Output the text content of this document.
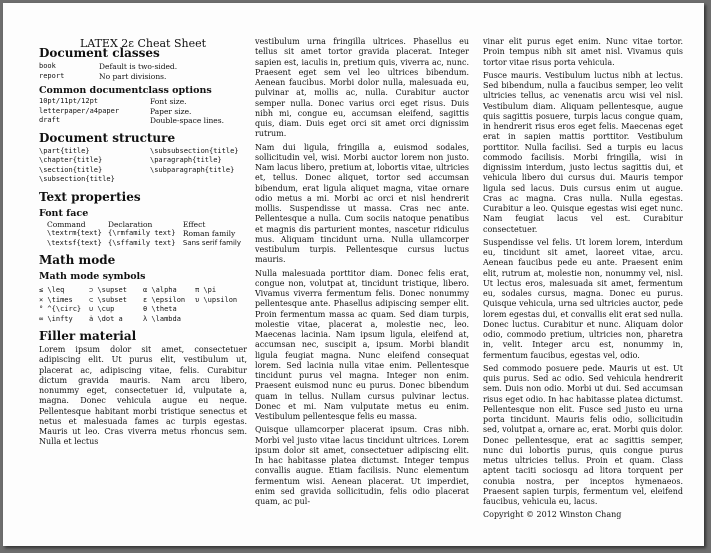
LATEX 2ε Cheat Sheet
Document classes
book	Default is two-sided.
report	No part divisions.
Common documentclass options
10pt/11pt/12pt	Font size.
letterpaper/a4paper	Paper size.
draft	Double-space lines.
Document structure
\part{title}	\subsubsection{title}
\chapter{title}	\paragraph{title}
\section{title}	\subparagraph{title}
\subsection{title}	
Text properties
Font face
Command	Declaration	Effect
\textrm{text}	{\rmfamily text}	Roman family
\textsf{text}	{\sffamily text}	Sans serif family
Math mode
Math mode symbols
≤ \leq	⊃ \supset	α \alpha	π \pi
× \times	⊂ \subset	ε \epsilon	υ \upsilon
° ^{\circ}	∪ \cup	θ \theta	
∞ \infty	ȧ \dot a	λ \lambda	
Filler material

Lorem ipsum dolor sit amet, consectetuer adipiscing elit. Ut purus elit, vestibulum ut, placerat ac, adipiscing vitae, felis. Curabitur dictum gravida mauris. Nam arcu libero, nonummy eget, consectetuer id, vulputate a, magna. Donec vehicula augue eu neque. Pellentesque habitant morbi tristique senectus et netus et malesuada fames ac turpis egestas. Mauris ut leo. Cras viverra metus rhoncus sem. Nulla et lectus

vestibulum urna fringilla ultrices. Phasellus eu tellus sit amet tortor gravida placerat. Integer sapien est, iaculis in, pretium quis, viverra ac, nunc. Praesent eget sem vel leo ultrices bibendum. Aenean faucibus. Morbi dolor nulla, malesuada eu, pulvinar at, mollis ac, nulla. Curabitur auctor semper nulla. Donec varius orci eget risus. Duis nibh mi, congue eu, accumsan eleifend, sagittis quis, diam. Duis eget orci sit amet orci dignissim rutrum.

Nam dui ligula, fringilla a, euismod sodales, sollicitudin vel, wisi. Morbi auctor lorem non justo. Nam lacus libero, pretium at, lobortis vitae, ultricies et, tellus. Donec aliquet, tortor sed accumsan bibendum, erat ligula aliquet magna, vitae ornare odio metus a mi. Morbi ac orci et nisl hendrerit mollis. Suspendisse ut massa. Cras nec ante. Pellentesque a nulla. Cum sociis natoque penatibus et magnis dis parturient montes, nascetur ridiculus mus. Aliquam tincidunt urna. Nulla ullamcorper vestibulum turpis. Pellentesque cursus luctus mauris.

Nulla malesuada porttitor diam. Donec felis erat, congue non, volutpat at, tincidunt tristique, libero. Vivamus viverra fermentum felis. Donec nonummy pellentesque ante. Phasellus adipiscing semper elit. Proin fermentum massa ac quam. Sed diam turpis, molestie vitae, placerat a, molestie nec, leo. Maecenas lacinia. Nam ipsum ligula, eleifend at, accumsan nec, suscipit a, ipsum. Morbi blandit ligula feugiat magna. Nunc eleifend consequat lorem. Sed lacinia nulla vitae enim. Pellentesque tincidunt purus vel magna. Integer non enim. Praesent euismod nunc eu purus. Donec bibendum quam in tellus. Nullam cursus pulvinar lectus. Donec et mi. Nam vulputate metus eu enim. Vestibulum pellentesque felis eu massa.

Quisque ullamcorper placerat ipsum. Cras nibh. Morbi vel justo vitae lacus tincidunt ultrices. Lorem ipsum dolor sit amet, consectetuer adipiscing elit. In hac habitasse platea dictumst. Integer tempus convallis augue. Etiam facilisis. Nunc elementum fermentum wisi. Aenean placerat. Ut imperdiet, enim sed gravida sollicitudin, felis odio placerat quam, ac pul-

vinar elit purus eget enim. Nunc vitae tortor. Proin tempus nibh sit amet nisl. Vivamus quis tortor vitae risus porta vehicula.

Fusce mauris. Vestibulum luctus nibh at lectus. Sed bibendum, nulla a faucibus semper, leo velit ultricies tellus, ac venenatis arcu wisi vel nisl. Vestibulum diam. Aliquam pellentesque, augue quis sagittis posuere, turpis lacus congue quam, in hendrerit risus eros eget felis. Maecenas eget erat in sapien mattis porttitor. Vestibulum porttitor. Nulla facilisi. Sed a turpis eu lacus commodo facilisis. Morbi fringilla, wisi in dignissim interdum, justo lectus sagittis dui, et vehicula libero dui cursus dui. Mauris tempor ligula sed lacus. Duis cursus enim ut augue. Cras ac magna. Cras nulla. Nulla egestas. Curabitur a leo. Quisque egestas wisi eget nunc. Nam feugiat lacus vel est. Curabitur consectetuer.

Suspendisse vel felis. Ut lorem lorem, interdum eu, tincidunt sit amet, laoreet vitae, arcu. Aenean faucibus pede eu ante. Praesent enim elit, rutrum at, molestie non, nonummy vel, nisl. Ut lectus eros, malesuada sit amet, fermentum eu, sodales cursus, magna. Donec eu purus. Quisque vehicula, urna sed ultricies auctor, pede lorem egestas dui, et convallis elit erat sed nulla. Donec luctus. Curabitur et nunc. Aliquam dolor odio, commodo pretium, ultricies non, pharetra in, velit. Integer arcu est, nonummy in, fermentum faucibus, egestas vel, odio.

Sed commodo posuere pede. Mauris ut est. Ut quis purus. Sed ac odio. Sed vehicula hendrerit sem. Duis non odio. Morbi ut dui. Sed accumsan risus eget odio. In hac habitasse platea dictumst. Pellentesque non elit. Fusce sed justo eu urna porta tincidunt. Mauris felis odio, sollicitudin sed, volutpat a, ornare ac, erat. Morbi quis dolor. Donec pellentesque, erat ac sagittis semper, nunc dui lobortis purus, quis congue purus metus ultricies tellus. Proin et quam. Class aptent taciti sociosqu ad litora torquent per conubia nostra, per inceptos hymenaeos. Praesent sapien turpis, fermentum vel, eleifend faucibus, vehicula eu, lacus.

Copyright © 2012 Winston Chang
